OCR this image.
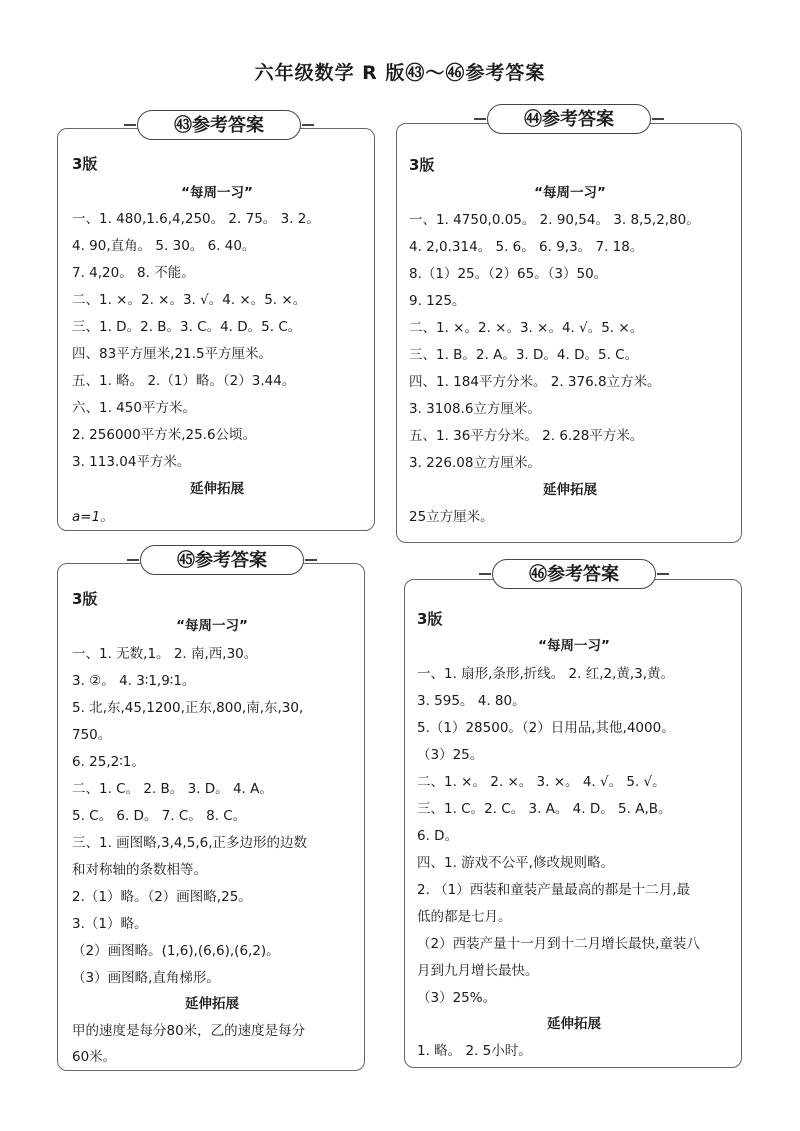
六年级数学 R 版㊸～㊻参考答案
3版
“每周一习”
一、1. 480,1.6,4,250。 2. 75。 3. 2。
4. 90,直角。 5. 30。 6. 40。
7. 4,20。 8. 不能。
二、1. ×。2. ×。3. √。4. ×。5. ×。
三、1. D。2. B。3. C。4. D。5. C。
四、83平方厘米,21.5平方厘米。
五、1. 略。 2.（1）略。（2）3.44。
六、1. 450平方米。
2. 256000平方米,25.6公顷。
3. 113.04平方米。
延伸拓展
a=1。
㊸参考答案
3版
“每周一习”
一、1. 4750,0.05。 2. 90,54。 3. 8,5,2,80。
4. 2,0.314。 5. 6。 6. 9,3。 7. 18。
8.（1）25。（2）65。（3）50。
9. 125。
二、1. ×。2. ×。3. ×。4. √。5. ×。
三、1. B。2. A。3. D。4. D。5. C。
四、1. 184平方分米。 2. 376.8立方米。
3. 3108.6立方厘米。
五、1. 36平方分米。 2. 6.28平方米。
3. 226.08立方厘米。
延伸拓展
25立方厘米。
㊹参考答案
3版
“每周一习”
一、1. 无数,1。 2. 南,西,30。
3. ②。 4. 3∶1,9∶1。
5. 北,东,45,1200,正东,800,南,东,30,
750。
6. 25,2∶1。
二、1. C。 2. B。 3. D。 4. A。
5. C。 6. D。 7. C。 8. C。
三、1. 画图略,3,4,5,6,正多边形的边数
和对称轴的条数相等。
2.（1）略。（2）画图略,25。
3.（1）略。
（2）画图略。(1,6),(6,6),(6,2)。
（3）画图略,直角梯形。
延伸拓展
甲的速度是每分80米，乙的速度是每分
60米。
㊺参考答案
3版
“每周一习”
一、1. 扇形,条形,折线。 2. 红,2,黄,3,黄。
3. 595。 4. 80。
5.（1）28500。（2）日用品,其他,4000。
（3）25。
二、1. ×。 2. ×。 3. ×。 4. √。 5. √。
三、1. C。2. C。 3. A。 4. D。 5. A,B。
6. D。
四、1. 游戏不公平,修改规则略。
2. （1）西装和童装产量最高的都是十二月,最
低的都是七月。
（2）西装产量十一月到十二月增长最快,童装八
月到九月增长最快。
（3）25%。
延伸拓展
1. 略。 2. 5小时。
㊻参考答案
